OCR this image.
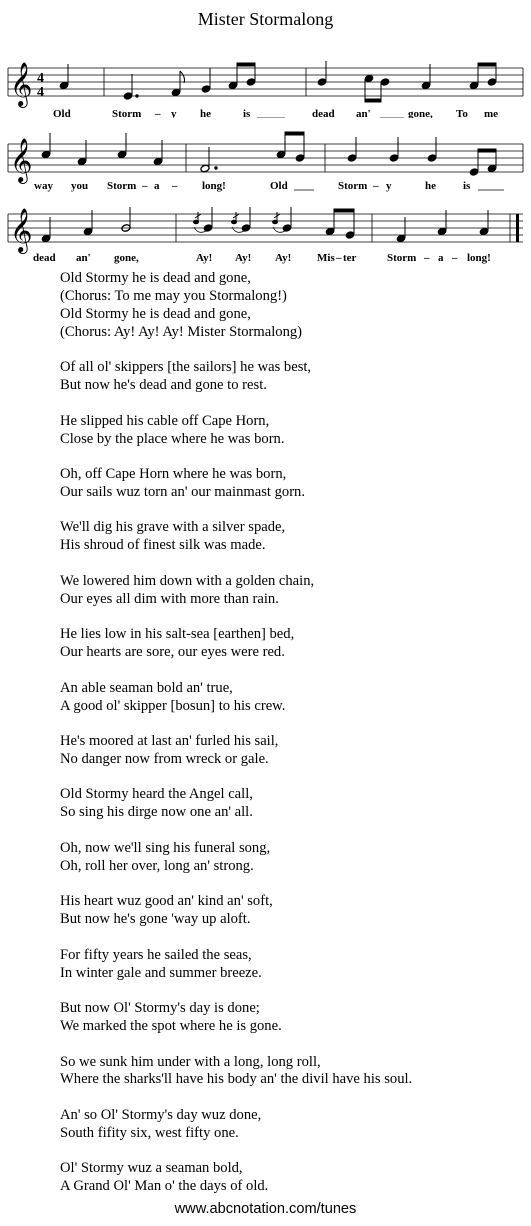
Mister Stormalong
𝄞 4
4
Old	Storm – y he	is	dead an'	gone, To me
𝄞
way you Storm – a – long!	Old	Storm – y	he is
𝄞
dead an' gone,	Ay! Ay! Ay! Mis – ter	Storm – a – long!
Old Stormy he is dead and gone,
(Chorus: To me may you Stormalong!)
Old Stormy he is dead and gone,
(Chorus: Ay! Ay! Ay! Mister Stormalong)
Of all ol' skippers [the sailors] he was best,
But now he's dead and gone to rest.
He slipped his cable off Cape Horn,
Close by the place where he was born.
Oh, off Cape Horn where he was born,
Our sails wuz torn an' our mainmast gorn.
We'll dig his grave with a silver spade,
His shroud of finest silk was made.
We lowered him down with a golden chain,
Our eyes all dim with more than rain.
He lies low in his salt-sea [earthen] bed,
Our hearts are sore, our eyes were red.
An able seaman bold an' true,
A good ol' skipper [bosun] to his crew.
He's moored at last an' furled his sail,
No danger now from wreck or gale.
Old Stormy heard the Angel call,
So sing his dirge now one an' all.
Oh, now we'll sing his funeral song,
Oh, roll her over, long an' strong.
His heart wuz good an' kind an' soft,
But now he's gone 'way up aloft.
For fifty years he sailed the seas,
In winter gale and summer breeze.
But now Ol' Stormy's day is done;
We marked the spot where he is gone.
So we sunk him under with a long, long roll,
Where the sharks'll have his body an' the divil have his soul.
An' so Ol' Stormy's day wuz done,
South fifity six, west fifty one.
Ol' Stormy wuz a seaman bold,
A Grand Ol' Man o' the days of old.
www.abcnotation.com/tunes
